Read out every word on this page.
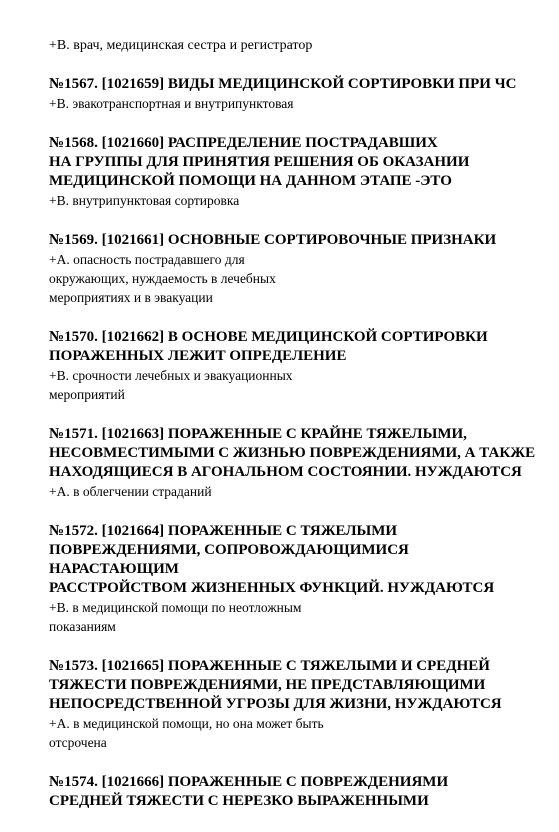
+В. врач, медицинская сестра и регистратор

№1567. [1021659] ВИДЫ МЕДИЦИНСКОЙ СОРТИРОВКИ ПРИ ЧС

+В. эвакотранспортная и внутрипунктовая

№1568. [1021660] РАСПРЕДЕЛЕНИЕ ПОСТРАДАВШИХ
НА ГРУППЫ ДЛЯ ПРИНЯТИЯ РЕШЕНИЯ ОБ ОКАЗАНИИ
МЕДИЦИНСКОЙ ПОМОЩИ НА ДАННОМ ЭТАПЕ -ЭТО

+В. внутрипунктовая сортировка

№1569. [1021661] ОСНОВНЫЕ СОРТИРОВОЧНЫЕ ПРИЗНАКИ

+А. опасность пострадавшего для
окружающих, нуждаемость в лечебных
мероприятиях и в эвакуации

№1570. [1021662] В ОСНОВЕ МЕДИЦИНСКОЙ СОРТИРОВКИ
ПОРАЖЕННЫХ ЛЕЖИТ ОПРЕДЕЛЕНИЕ

+В. срочности лечебных и эвакуационных
мероприятий

№1571. [1021663] ПОРАЖЕННЫЕ С КРАЙНЕ ТЯЖЕЛЫМИ,
НЕСОВМЕСТИМЫМИ С ЖИЗНЬЮ ПОВРЕЖДЕНИЯМИ, А ТАКЖЕ
НАХОДЯЩИЕСЯ В АГОНАЛЬНОМ СОСТОЯНИИ. НУЖДАЮТСЯ

+А. в облегчении страданий

№1572. [1021664] ПОРАЖЕННЫЕ С ТЯЖЕЛЫМИ
ПОВРЕЖДЕНИЯМИ, СОПРОВОЖДАЮЩИМИСЯ НАРАСТАЮЩИМ
РАССТРОЙСТВОМ ЖИЗНЕННЫХ ФУНКЦИЙ. НУЖДАЮТСЯ

+В. в медицинской помощи по неотложным
показаниям

№1573. [1021665] ПОРАЖЕННЫЕ С ТЯЖЕЛЫМИ И СРЕДНЕЙ
ТЯЖЕСТИ ПОВРЕЖДЕНИЯМИ, НЕ ПРЕДСТАВЛЯЮЩИМИ
НЕПОСРЕДСТВЕННОЙ УГРОЗЫ ДЛЯ ЖИЗНИ, НУЖДАЮТСЯ

+А. в медицинской помощи, но она может быть
отсрочена

№1574. [1021666] ПОРАЖЕННЫЕ С ПОВРЕЖДЕНИЯМИ
СРЕДНЕЙ ТЯЖЕСТИ С НЕРЕЗКО ВЫРАЖЕННЫМИ
